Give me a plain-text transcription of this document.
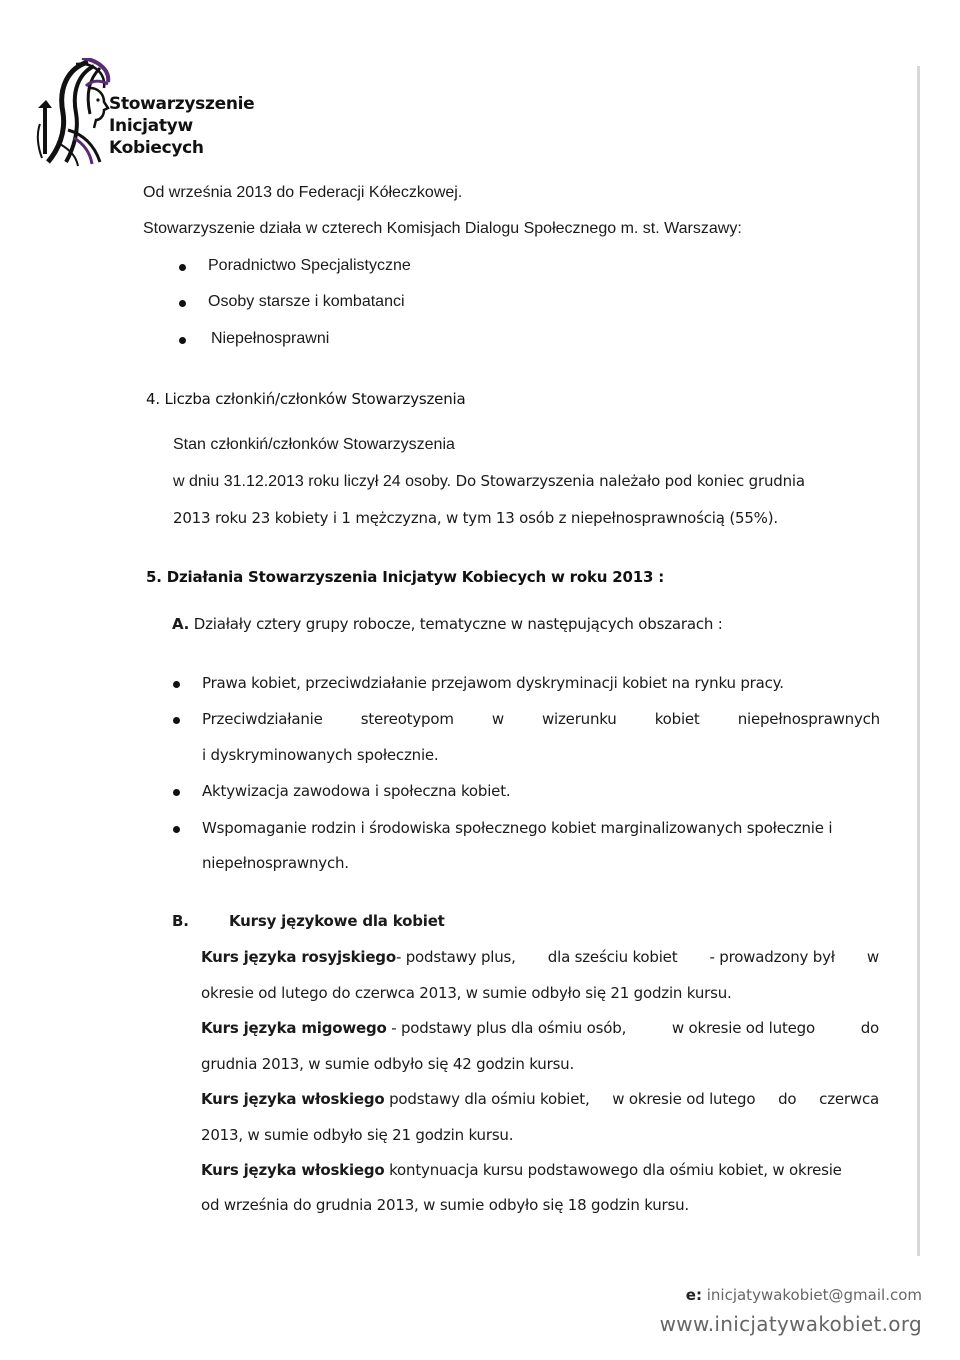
Stowarzyszenie
Inicjatyw
Kobiecych
Od września 2013 do Federacji Kółeczkowej.
Stowarzyszenie działa w czterech Komisjach Dialogu Społecznego m. st. Warszawy:
Poradnictwo Specjalistyczne
Osoby starsze i kombatanci
Niepełnosprawni
4. Liczba członkiń/członków Stowarzyszenia
Stan członkiń/członków Stowarzyszenia
w dniu 31.12.2013 roku liczył 24 osoby. Do Stowarzyszenia należało pod koniec grudnia
2013 roku 23 kobiety i 1 mężczyzna, w tym 13 osób z niepełnosprawnością (55%).
5. Działania Stowarzyszenia Inicjatyw Kobiecych w roku 2013 :
A. Działały cztery grupy robocze, tematyczne w następujących obszarach :
Prawa kobiet, przeciwdziałanie przejawom dyskryminacji kobiet na rynku pracy.
Przeciwdziałanie	stereotypom	w	wizerunku	kobiet	niepełnosprawnych
i dyskryminowanych społecznie.
Aktywizacja zawodowa i społeczna kobiet.
Wspomaganie rodzin i środowiska społecznego kobiet marginalizowanych społecznie i
niepełnosprawnych.
B.	Kursy językowe dla kobiet
Kurs języka rosyjskiego- podstawy plus, dla sześciu kobiet - prowadzony był w
okresie od lutego do czerwca 2013, w sumie odbyło się 21 godzin kursu.
Kurs języka migowego - podstawy plus dla ośmiu osób,	w okresie od lutego	do
grudnia 2013, w sumie odbyło się 42 godzin kursu.
Kurs języka włoskiego podstawy dla ośmiu kobiet, w okresie od lutego do czerwca
2013, w sumie odbyło się 21 godzin kursu.
Kurs języka włoskiego kontynuacja kursu podstawowego dla ośmiu kobiet, w okresie
od września do grudnia 2013, w sumie odbyło się 18 godzin kursu.
e: inicjatywakobiet@gmail.com
www.inicjatywakobiet.org
